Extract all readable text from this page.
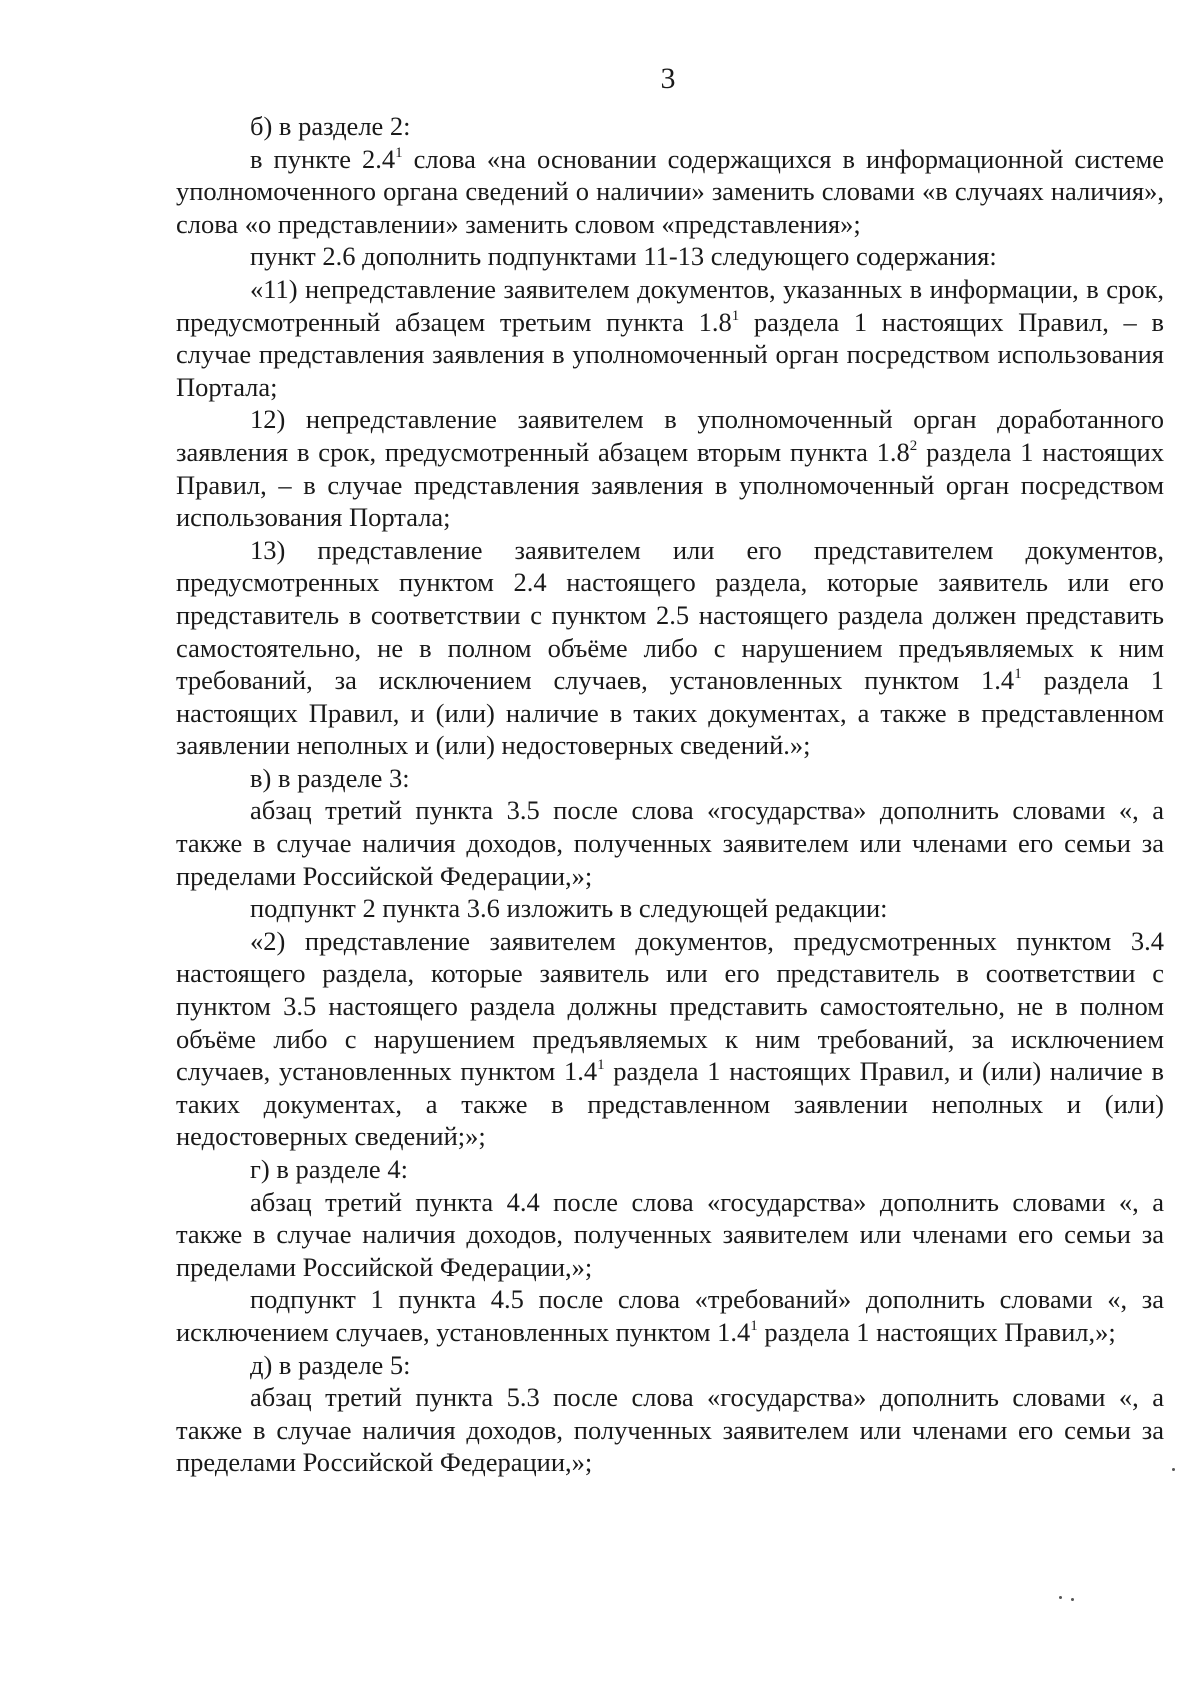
3

б) в разделе 2:

в пункте $2.4^1$ слова «на основании содержащихся в информационной системе уполномоченного органа сведений о наличии» заменить словами «в случаях наличия», слова «о представлении» заменить словом «представления»;

пункт 2.6 дополнить подпунктами 11-13 следующего содержания:

«11) непредставление заявителем документов, указанных в информации, в срок, предусмотренный абзацем третьим пункта $1.8^1$ раздела 1 настоящих Правил, – в случае представления заявления в уполномоченный орган посредством использования Портала;

12) непредставление заявителем в уполномоченный орган доработанного заявления в срок, предусмотренный абзацем вторым пункта $1.8^2$ раздела 1 настоящих Правил, – в случае представления заявления в уполномоченный орган посредством использования Портала;

13) представление заявителем или его представителем документов, предусмотренных пунктом 2.4 настоящего раздела, которые заявитель или его представитель в соответствии с пунктом 2.5 настоящего раздела должен представить самостоятельно, не в полном объёме либо с нарушением предъявляемых к ним требований, за исключением случаев, установленных пунктом $1.4^1$ раздела 1 настоящих Правил, и (или) наличие в таких документах, а также в представленном заявлении неполных и (или) недостоверных сведений.»;

в) в разделе 3:

абзац третий пункта 3.5 после слова «государства» дополнить словами «, а также в случае наличия доходов, полученных заявителем или членами его семьи за пределами Российской Федерации,»;

подпункт 2 пункта 3.6 изложить в следующей редакции:

«2) представление заявителем документов, предусмотренных пунктом 3.4 настоящего раздела, которые заявитель или его представитель в соответствии с пунктом 3.5 настоящего раздела должны представить самостоятельно, не в полном объёме либо с нарушением предъявляемых к ним требований, за исключением случаев, установленных пунктом $1.4^1$ раздела 1 настоящих Правил, и (или) наличие в таких документах, а также в представленном заявлении неполных и (или) недостоверных сведений;»;

г) в разделе 4:

абзац третий пункта 4.4 после слова «государства» дополнить словами «, а также в случае наличия доходов, полученных заявителем или членами его семьи за пределами Российской Федерации,»;

подпункт 1 пункта 4.5 после слова «требований» дополнить словами «, за исключением случаев, установленных пунктом $1.4^1$ раздела 1 настоящих Правил,»;

д) в разделе 5:

абзац третий пункта 5.3 после слова «государства» дополнить словами «, а также в случае наличия доходов, полученных заявителем или членами его семьи за пределами Российской Федерации,»;
